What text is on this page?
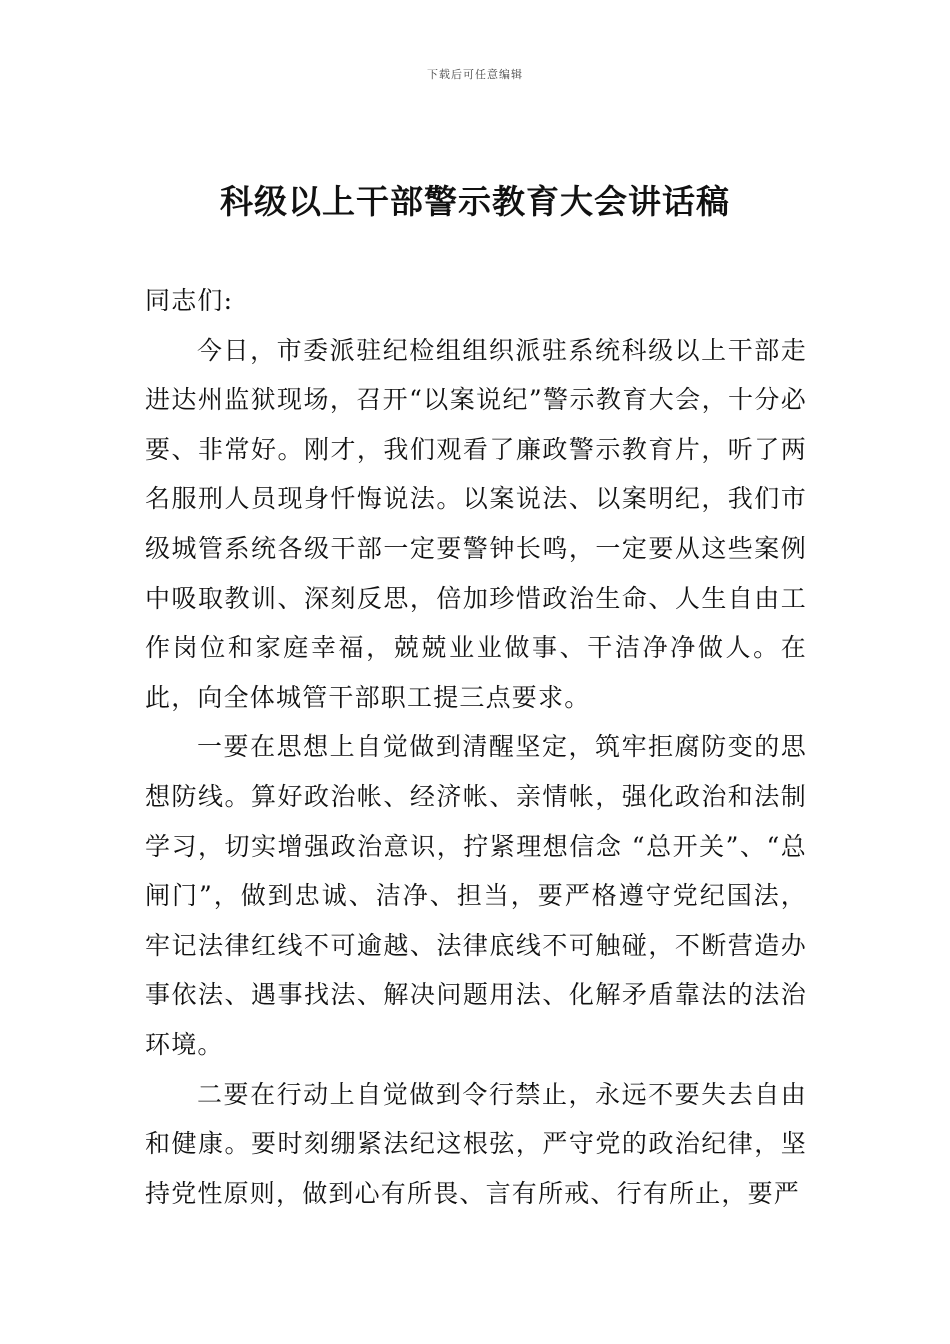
下载后可任意编辑
科级以上干部警示教育大会讲话稿

同志们:

今日，市委派驻纪检组组织派驻系统科级以上干部走进达州监狱现场，召开“以案说纪”警示教育大会，十分必要、非常好。刚才，我们观看了廉政警示教育片，听了两名服刑人员现身忏悔说法。以案说法、以案明纪，我们市级城管系统各级干部一定要警钟长鸣，一定要从这些案例中吸取教训、深刻反思，倍加珍惜政治生命、人生自由工作岗位和家庭幸福，兢兢业业做事、干洁净净做人。在此，向全体城管干部职工提三点要求。

一要在思想上自觉做到清醒坚定，筑牢拒腐防变的思想防线。算好政治帐、经济帐、亲情帐，强化政治和法制学习，切实增强政治意识，拧紧理想信念 “总开关”、“总闸门”，做到忠诚、洁净、担当，要严格遵守党纪国法，牢记法律红线不可逾越、法律底线不可触碰，不断营造办事依法、遇事找法、解决问题用法、化解矛盾靠法的法治环境。

二要在行动上自觉做到令行禁止，永远不要失去自由和健康。要时刻绷紧法纪这根弦，严守党的政治纪律，坚持党性原则，做到心有所畏、言有所戒、行有所止，要严
